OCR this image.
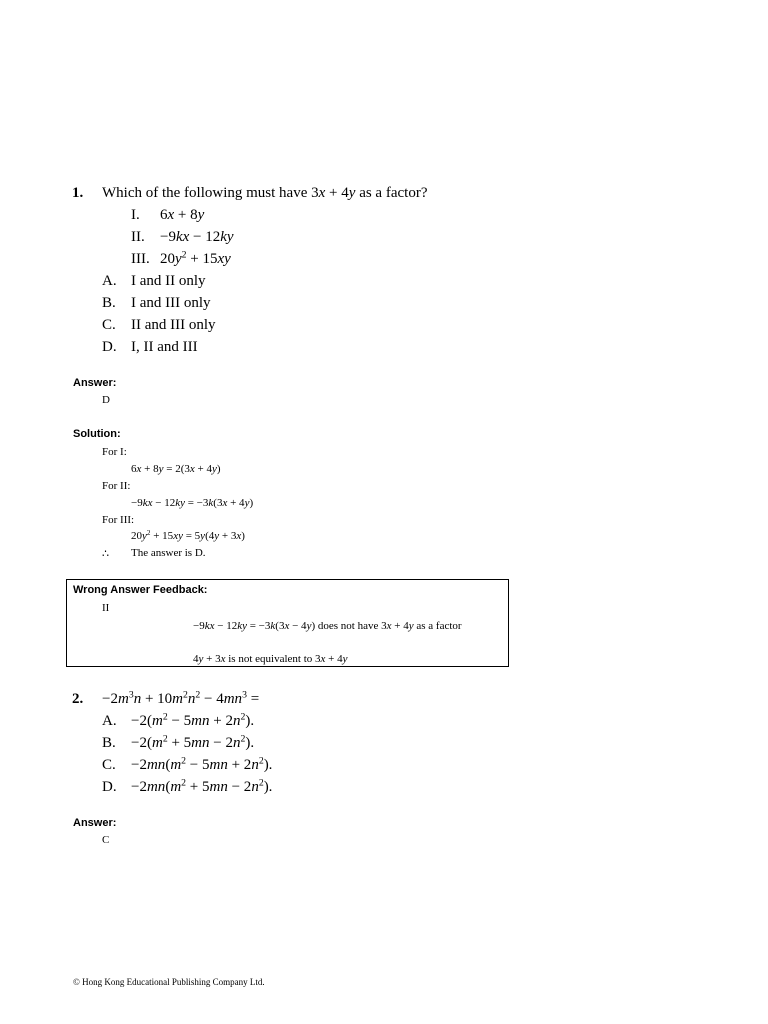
1. Which of the following must have 3x + 4y as a factor?
I. 6x + 8y
II. −9kx − 12ky
III. $20y^2 + 15xy$
A. I and II only
B. I and III only
C. II and III only
D. I, II and III
Answer:
D
Solution:
For I:
6x + 8y = 2(3x + 4y)
For II:
−9kx − 12ky = −3k(3x + 4y)
For III:
$20y^2 + 15xy = 5y(4y + 3x)$
∴ The answer is D.
Wrong Answer Feedback:
II
−9kx − 12ky = −3k(3x − 4y) does not have 3x + 4y as a factor
4y + 3x is not equivalent to 3x + 4y
2. $-2m^3n + 10m^2n^2 - 4mn^3$ =
A. $-2(m^2 - 5mn + 2n^2)$.
B. $-2(m^2 + 5mn - 2n^2)$.
C. $-2mn(m^2 - 5mn + 2n^2)$.
D. $-2mn(m^2 + 5mn - 2n^2)$.
Answer:
C
© Hong Kong Educational Publishing Company Ltd.
